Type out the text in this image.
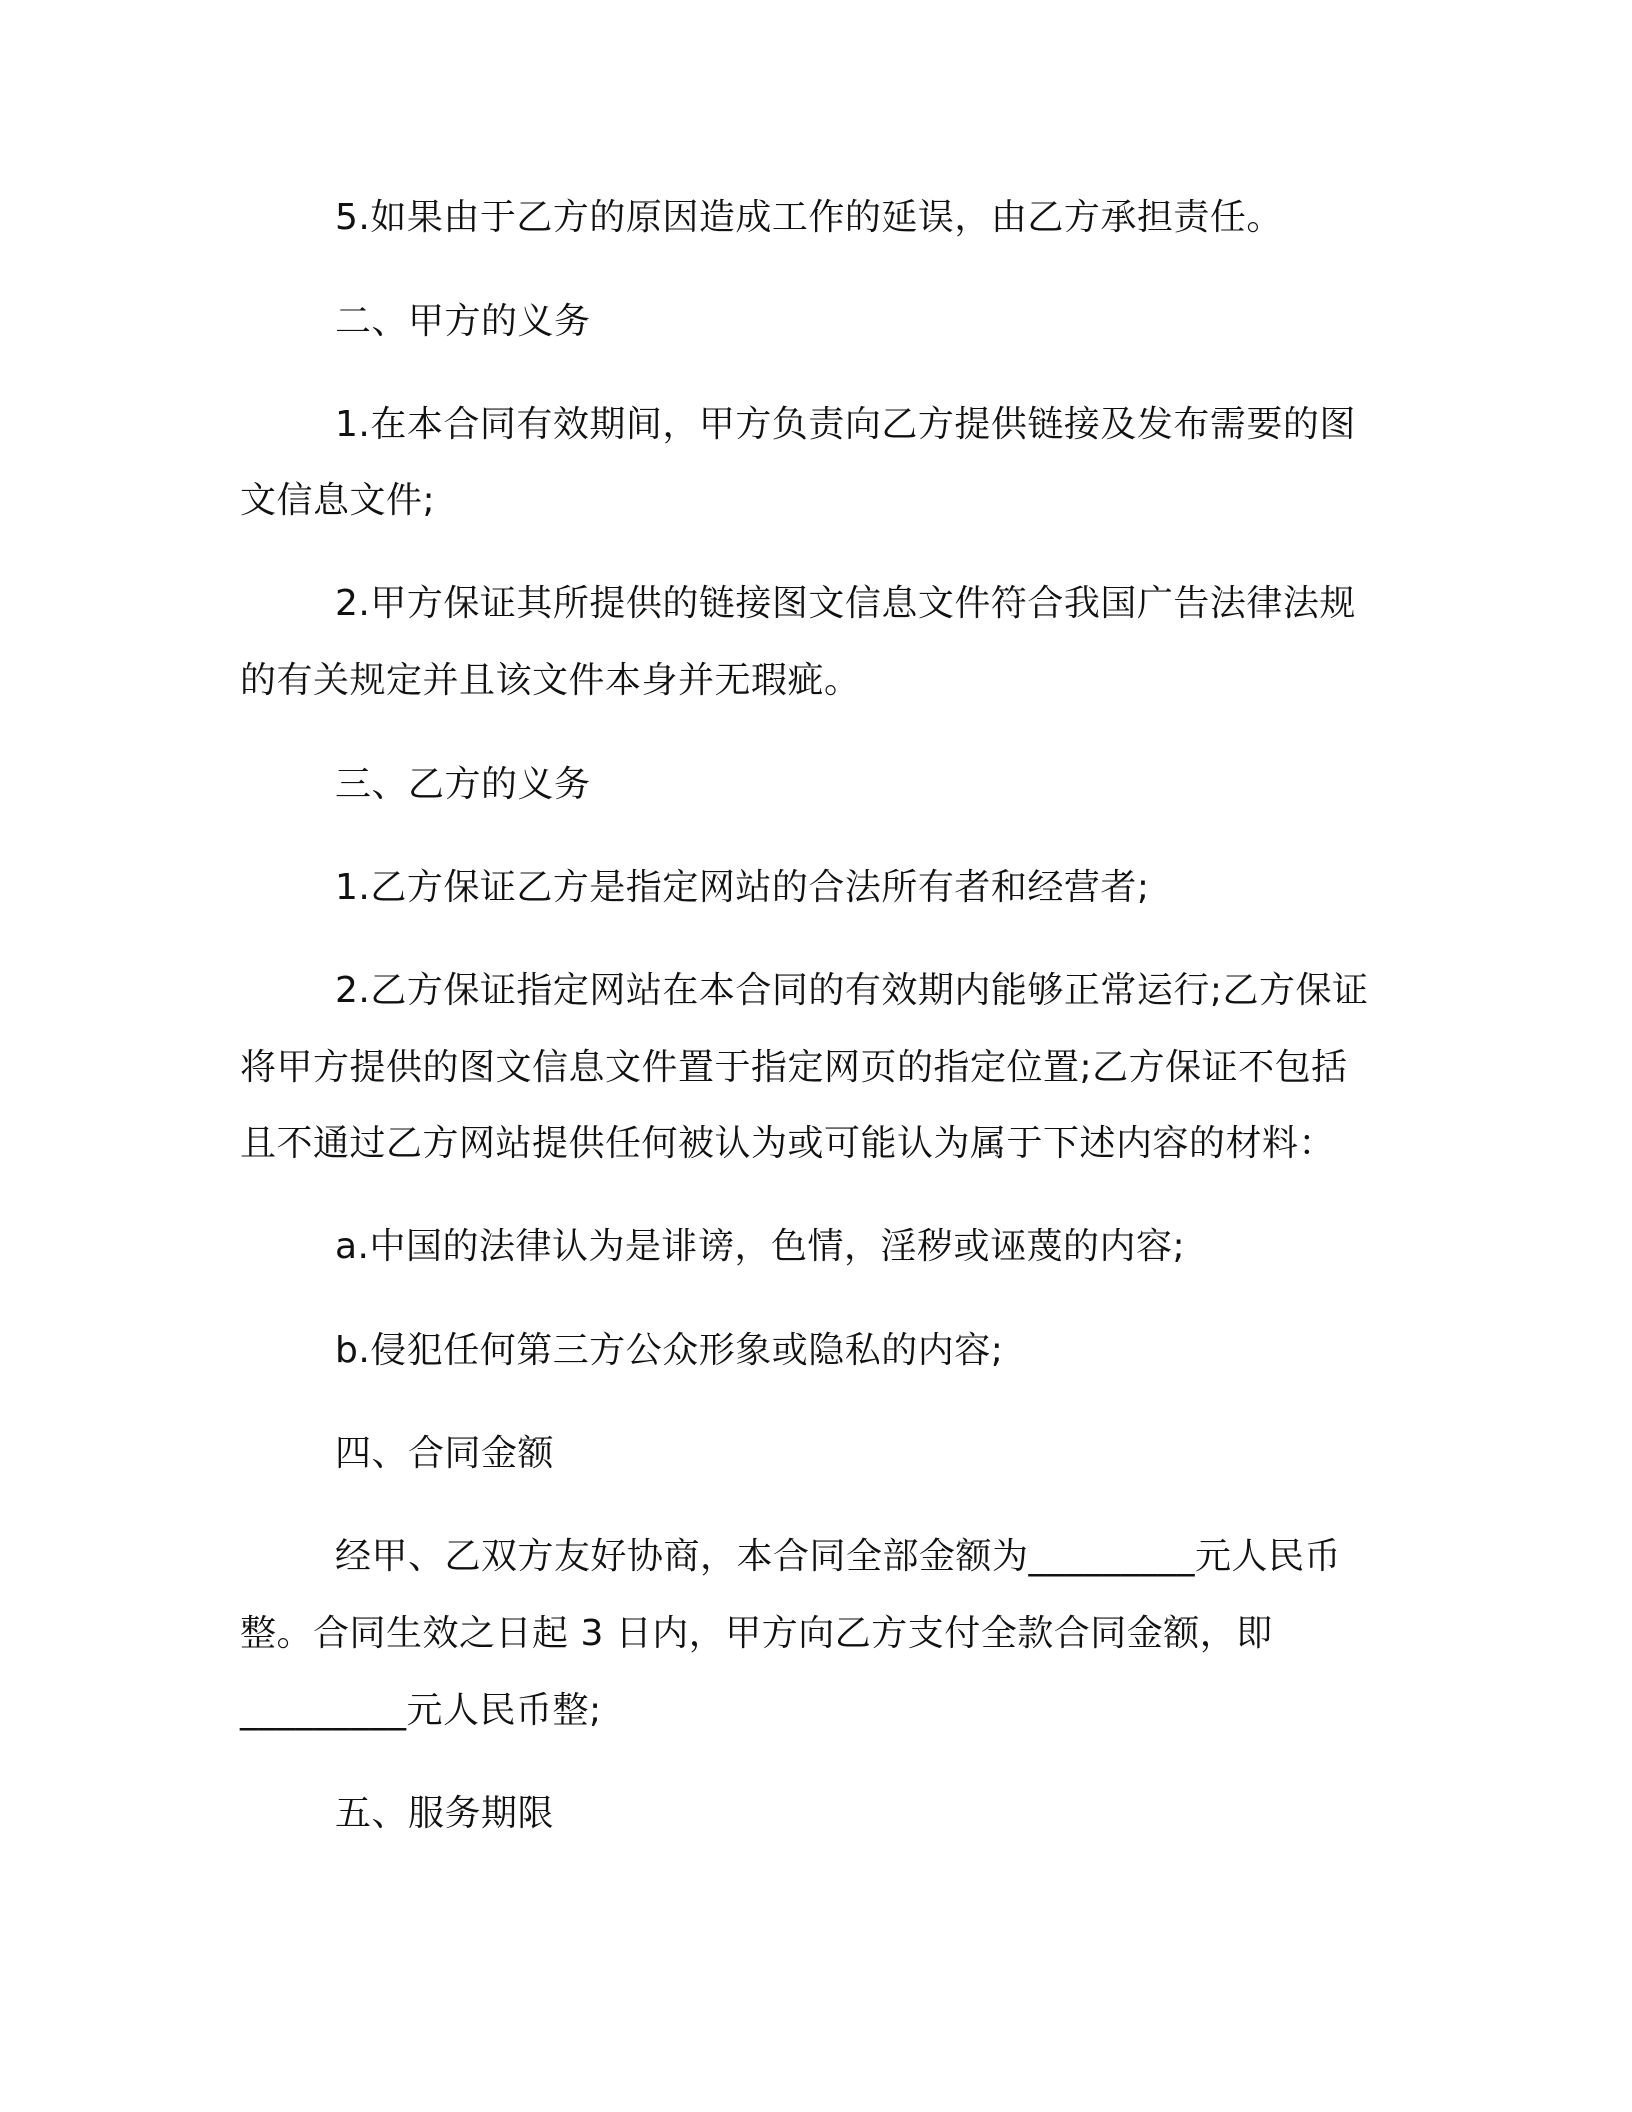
5.如果由于乙方的原因造成工作的延误，由乙方承担责任。
二、甲方的义务
1.在本合同有效期间，甲方负责向乙方提供链接及发布需要的图
文信息文件;
2.甲方保证其所提供的链接图文信息文件符合我国广告法律法规
的有关规定并且该文件本身并无瑕疵。
三、乙方的义务
1.乙方保证乙方是指定网站的合法所有者和经营者;
2.乙方保证指定网站在本合同的有效期内能够正常运行;乙方保证
将甲方提供的图文信息文件置于指定网页的指定位置;乙方保证不包括
且不通过乙方网站提供任何被认为或可能认为属于下述内容的材料：
a.中国的法律认为是诽谤，色情，淫秽或诬蔑的内容;
b.侵犯任何第三方公众形象或隐私的内容;
四、合同金额
经甲、乙双方友好协商，本合同全部金额为_________元人民币
整。合同生效之日起 3 日内，甲方向乙方支付全款合同金额，即
_________元人民币整;
五、服务期限
